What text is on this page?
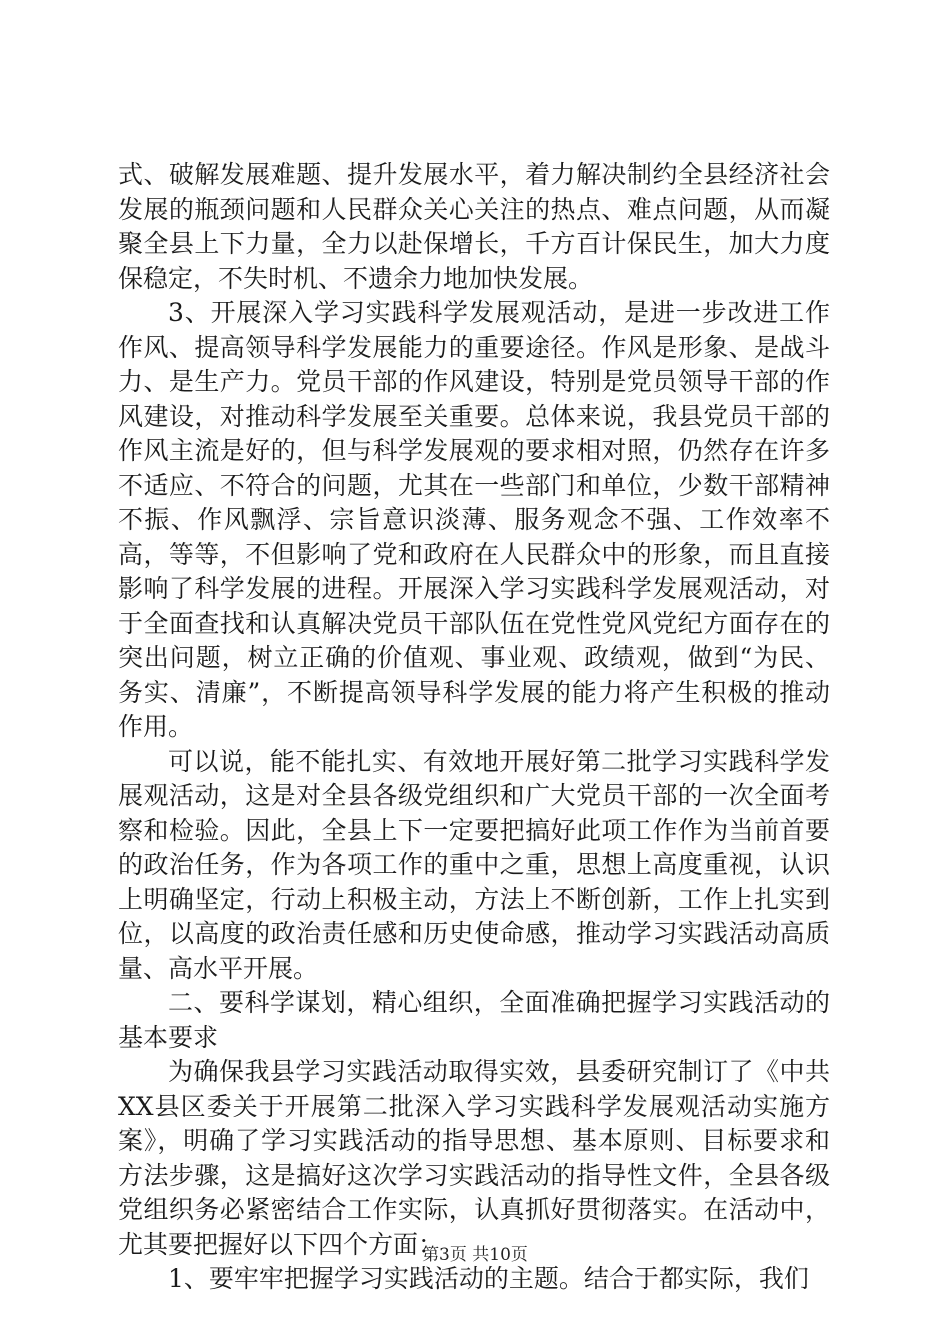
式、破解发展难题、提升发展水平，着力解决制约全县经济社会发展的瓶颈问题和人民群众关心关注的热点、难点问题，从而凝聚全县上下力量，全力以赴保增长，千方百计保民生，加大力度保稳定，不失时机、不遗余力地加快发展。

3、开展深入学习实践科学发展观活动，是进一步改进工作作风、提高领导科学发展能力的重要途径。作风是形象、是战斗力、是生产力。党员干部的作风建设，特别是党员领导干部的作风建设，对推动科学发展至关重要。总体来说，我县党员干部的作风主流是好的，但与科学发展观的要求相对照，仍然存在许多不适应、不符合的问题，尤其在一些部门和单位，少数干部精神不振、作风飘浮、宗旨意识淡薄、服务观念不强、工作效率不高，等等，不但影响了党和政府在人民群众中的形象，而且直接影响了科学发展的进程。开展深入学习实践科学发展观活动，对于全面查找和认真解决党员干部队伍在党性党风党纪方面存在的突出问题，树立正确的价值观、事业观、政绩观，做到“为民、务实、清廉”，不断提高领导科学发展的能力将产生积极的推动作用。

可以说，能不能扎实、有效地开展好第二批学习实践科学发展观活动，这是对全县各级党组织和广大党员干部的一次全面考察和检验。因此，全县上下一定要把搞好此项工作作为当前首要的政治任务，作为各项工作的重中之重，思想上高度重视，认识上明确坚定，行动上积极主动，方法上不断创新，工作上扎实到位，以高度的政治责任感和历史使命感，推动学习实践活动高质量、高水平开展。

二、要科学谋划，精心组织，全面准确把握学习实践活动的基本要求

为确保我县学习实践活动取得实效，县委研究制订了《中共XX县区委关于开展第二批深入学习实践科学发展观活动实施方案》，明确了学习实践活动的指导思想、基本原则、目标要求和方法步骤，这是搞好这次学习实践活动的指导性文件，全县各级党组织务必紧密结合工作实际，认真抓好贯彻落实。在活动中，尤其要把握好以下四个方面：

1、要牢牢把握学习实践活动的主题。结合于都实际，我们

第3页 共10页
